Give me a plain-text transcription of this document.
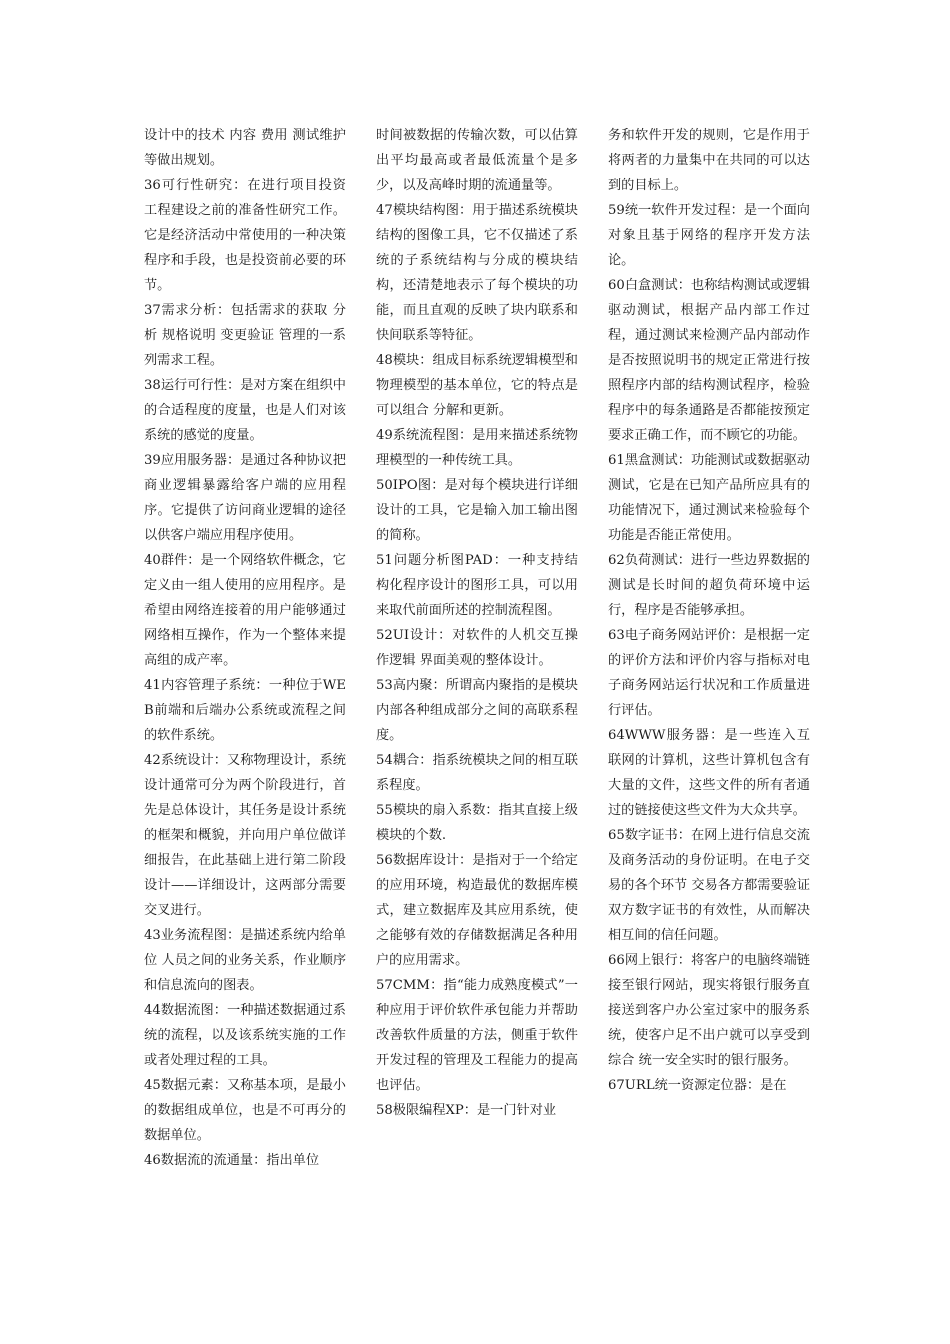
设计中的技术 内容 费用 测试维护等做出规划。

36可行性研究：在进行项目投资 工程建设之前的准备性研究工作。它是经济活动中常使用的一种决策程序和手段，也是投资前必要的环节。

37需求分析：包括需求的获取 分析 规格说明 变更验证 管理的一系列需求工程。

38运行可行性：是对方案在组织中的合适程度的度量，也是人们对该系统的感觉的度量。

39应用服务器：是通过各种协议把商业逻辑暴露给客户端的应用程序。它提供了访问商业逻辑的途径以供客户端应用程序使用。

40群件：是一个网络软件概念，它定义由一组人使用的应用程序。是希望由网络连接着的用户能够通过网络相互操作，作为一个整体来提高组的成产率。

41内容管理子系统：一种位于WEB前端和后端办公系统或流程之间的软件系统。

42系统设计：又称物理设计，系统设计通常可分为两个阶段进行，首先是总体设计，其任务是设计系统的框架和概貌，并向用户单位做详细报告，在此基础上进行第二阶段设计——详细设计，这两部分需要交叉进行。

43业务流程图：是描述系统内给单位 人员之间的业务关系，作业顺序和信息流向的图表。

44数据流图：一种描述数据通过系统的流程，以及该系统实施的工作或者处理过程的工具。

45数据元素：又称基本项，是最小的数据组成单位，也是不可再分的数据单位。

46数据流的流通量：指出单位

时间被数据的传输次数，可以估算出平均最高或者最低流量个是多少，以及高峰时期的流通量等。

47模块结构图：用于描述系统模块结构的图像工具，它不仅描述了系统的子系统结构与分成的模块结构，还清楚地表示了每个模块的功能，而且直观的反映了块内联系和快间联系等特征。

48模块：组成目标系统逻辑模型和物理模型的基本单位，它的特点是可以组合 分解和更新。

49系统流程图：是用来描述系统物理模型的一种传统工具。

50IPO图：是对每个模块进行详细设计的工具，它是输入加工输出图的简称。

51问题分析图PAD：一种支持结构化程序设计的图形工具，可以用来取代前面所述的控制流程图。

52UI设计：对软件的人机交互操作逻辑 界面美观的整体设计。

53高内聚：所谓高内聚指的是模块内部各种组成部分之间的高联系程度。

54耦合：指系统模块之间的相互联系程度。

55模块的扇入系数：指其直接上级模块的个数.

56数据库设计：是指对于一个给定的应用环境，构造最优的数据库模式，建立数据库及其应用系统，使之能够有效的存储数据满足各种用户的应用需求。

57CMM：指“能力成熟度模式”一种应用于评价软件承包能力并帮助改善软件质量的方法，侧重于软件开发过程的管理及工程能力的提高也评估。

58极限编程XP：是一门针对业

务和软件开发的规则，它是作用于将两者的力量集中在共同的可以达到的目标上。

59统一软件开发过程：是一个面向对象且基于网络的程序开发方法论。

60白盒测试：也称结构测试或逻辑驱动测试，根据产品内部工作过程，通过测试来检测产品内部动作是否按照说明书的规定正常进行按照程序内部的结构测试程序，检验程序中的每条通路是否都能按预定要求正确工作，而不顾它的功能。

61黑盒测试：功能测试或数据驱动测试，它是在已知产品所应具有的功能情况下，通过测试来检验每个功能是否能正常使用。

62负荷测试：进行一些边界数据的测试是长时间的超负荷环境中运行，程序是否能够承担。

63电子商务网站评价：是根据一定的评价方法和评价内容与指标对电子商务网站运行状况和工作质量进行评估。

64WWW服务器：是一些连入互联网的计算机，这些计算机包含有大量的文件，这些文件的所有者通过的链接使这些文件为大众共享。

65数字证书：在网上进行信息交流及商务活动的身份证明。在电子交易的各个环节 交易各方都需要验证双方数字证书的有效性，从而解决相互间的信任问题。

66网上银行：将客户的电脑终端链接至银行网站，现实将银行服务直接送到客户办公室过家中的服务系统，使客户足不出户就可以享受到综合 统一安全实时的银行服务。

67URL统一资源定位器：是在
